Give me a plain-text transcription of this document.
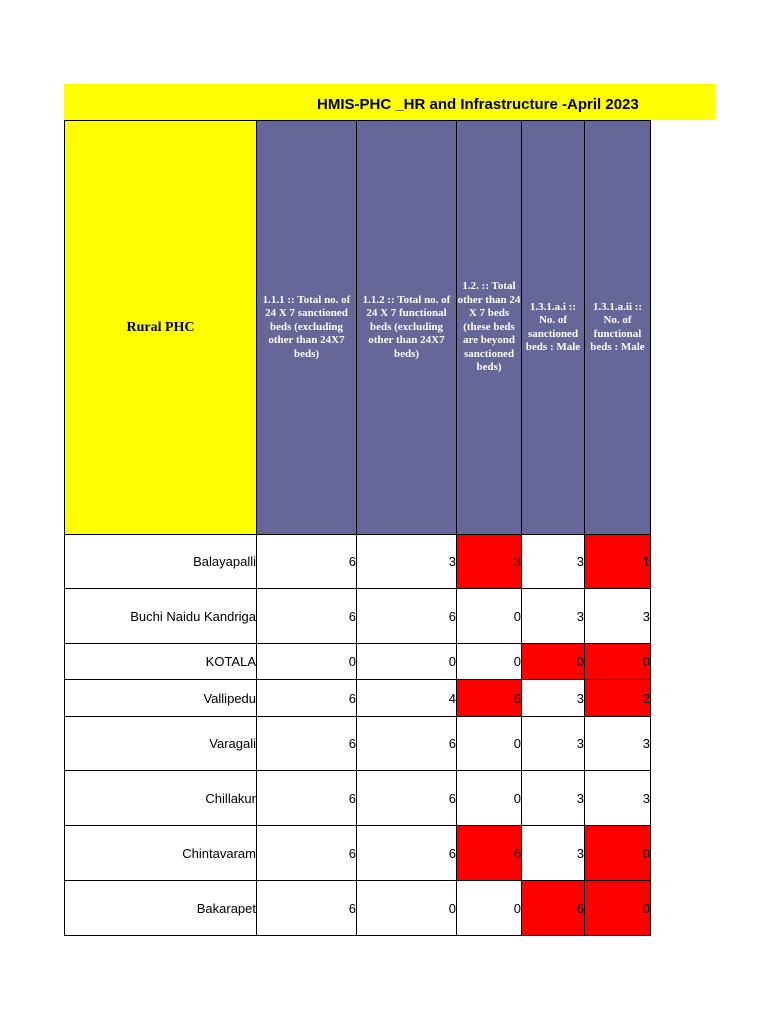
HMIS-PHC _HR and Infrastructure -April 2023
Rural PHC	1.1.1 :: Total no. of 24 X 7 sanctioned beds (excluding other than 24X7 beds)	1.1.2 :: Total no. of 24 X 7 functional beds (excluding other than 24X7 beds)	1.2. :: Total other than 24 X 7 beds (these beds are beyond sanctioned beds)	1.3.1.a.i :: No. of sanctioned beds : Male	1.3.1.a.ii :: No. of functional beds : Male
Balayapalli	6	3	3	3	1
Buchi Naidu Kandriga	6	6	0	3	3
KOTALA	0	0	0	0	0
Vallipedu	6	4	6	3	2
Varagali	6	6	0	3	3
Chillakur	6	6	0	3	3
Chintavaram	6	6	6	3	0
Bakarapet	6	0	0	6	0
